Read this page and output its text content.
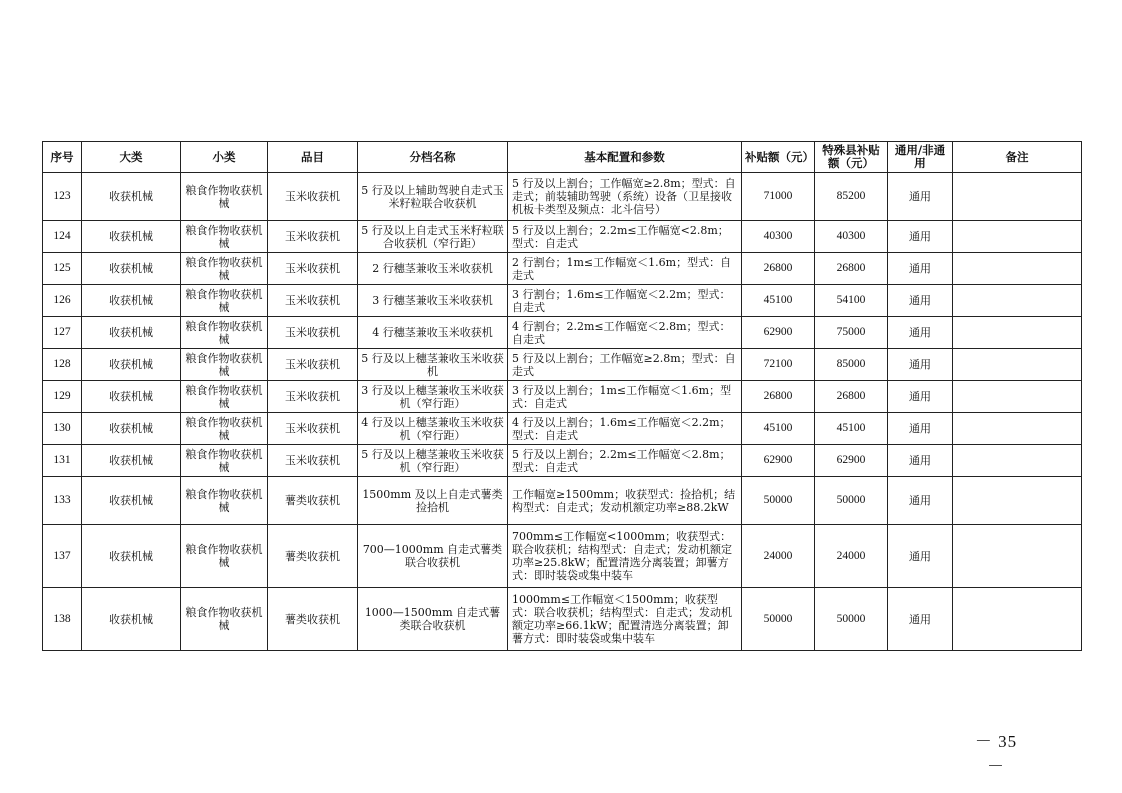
序号	大类	小类	品目	分档名称	基本配置和参数	补贴额（元）	特殊县补贴额（元）	通用/非通用	备注
123	收获机械	粮食作物收获机械	玉米收获机	5 行及以上辅助驾驶自走式玉米籽粒联合收获机	5 行及以上割台；工作幅宽≥2.8m；型式：自走式；前装辅助驾驶（系统）设备（卫星接收机板卡类型及频点：北斗信号）	71000	85200	通用	
124	收获机械	粮食作物收获机械	玉米收获机	5 行及以上自走式玉米籽粒联合收获机（窄行距）	5 行及以上割台；2.2m≤工作幅宽<2.8m；型式：自走式	40300	40300	通用	
125	收获机械	粮食作物收获机械	玉米收获机	2 行穗茎兼收玉米收获机	2 行割台；1m≤工作幅宽＜1.6m；型式：自走式	26800	26800	通用	
126	收获机械	粮食作物收获机械	玉米收获机	3 行穗茎兼收玉米收获机	3 行割台；1.6m≤工作幅宽＜2.2m；型式：自走式	45100	54100	通用	
127	收获机械	粮食作物收获机械	玉米收获机	4 行穗茎兼收玉米收获机	4 行割台；2.2m≤工作幅宽＜2.8m；型式：自走式	62900	75000	通用	
128	收获机械	粮食作物收获机械	玉米收获机	5 行及以上穗茎兼收玉米收获机	5 行及以上割台；工作幅宽≥2.8m；型式：自走式	72100	85000	通用	
129	收获机械	粮食作物收获机械	玉米收获机	3 行及以上穗茎兼收玉米收获机（窄行距）	3 行及以上割台；1m≤工作幅宽＜1.6m；型式：自走式	26800	26800	通用	
130	收获机械	粮食作物收获机械	玉米收获机	4 行及以上穗茎兼收玉米收获机（窄行距）	4 行及以上割台；1.6m≤工作幅宽＜2.2m；型式：自走式	45100	45100	通用	
131	收获机械	粮食作物收获机械	玉米收获机	5 行及以上穗茎兼收玉米收获机（窄行距）	5 行及以上割台；2.2m≤工作幅宽＜2.8m；型式：自走式	62900	62900	通用	
133	收获机械	粮食作物收获机械	薯类收获机	1500mm 及以上自走式薯类捡拾机	工作幅宽≥1500mm；收获型式：捡拾机；结构型式：自走式；发动机额定功率≥88.2kW	50000	50000	通用	
137	收获机械	粮食作物收获机械	薯类收获机	700—1000mm 自走式薯类联合收获机	700mm≤工作幅宽<1000mm；收获型式：联合收获机；结构型式：自走式；发动机额定功率≥25.8kW；配置清选分离装置；卸薯方式：即时装袋或集中装车	24000	24000	通用	
138	收获机械	粮食作物收获机械	薯类收获机	1000—1500mm 自走式薯类联合收获机	1000mm≤工作幅宽＜1500mm；收获型式：联合收获机；结构型式：自走式；发动机额定功率≥66.1kW；配置清选分离装置；卸薯方式：即时装袋或集中装车	50000	50000	通用	
－ 35 －
